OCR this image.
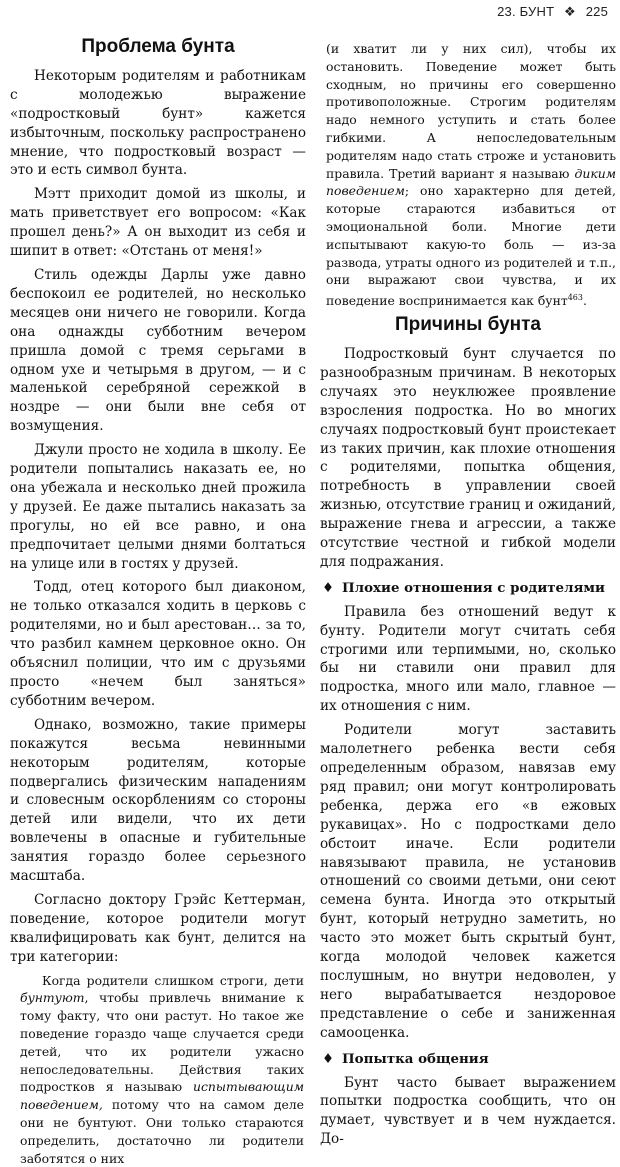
23. БУНТ ❖ 225
Проблема бунта

Некоторым родителям и работникам с молодежью выражение «подростковый бунт» кажется избыточным, поскольку распространено мнение, что подростковый возраст — это и есть символ бунта.

Мэтт приходит домой из школы, и мать приветствует его вопросом: «Как прошел день?» А он выходит из себя и шипит в ответ: «Отстань от меня!»

Стиль одежды Дарлы уже давно беспокоил ее родителей, но несколько месяцев они ничего не говорили. Когда она однажды субботним вечером пришла домой с тремя серьгами в одном ухе и четырьмя в другом, — и с маленькой серебряной сережкой в ноздре — они были вне себя от возмущения.

Джули просто не ходила в школу. Ее родители попытались наказать ее, но она убежала и несколько дней прожила у друзей. Ее даже пытались наказать за прогулы, но ей все равно, и она предпочитает целыми днями болтаться на улице или в гостях у друзей.

Тодд, отец которого был диаконом, не только отказался ходить в церковь с родителями, но и был арестован… за то, что разбил камнем церковное окно. Он объяснил полиции, что им с друзьями просто «нечем был заняться» субботним вечером.

Однако, возможно, такие примеры покажутся весьма невинными некоторым родителям, которые подвергались физическим нападениям и словесным оскорблениям со стороны детей или видели, что их дети вовлечены в опасные и губительные занятия гораздо более серьезного масштаба.

Согласно доктору Грэйс Кеттерман, поведение, которое родители могут квалифицировать как бунт, делится на три категории:

Когда родители слишком строги, дети бунтуют, чтобы привлечь внимание к тому факту, что они растут. Но такое же поведение гораздо чаще случается среди детей, что их родители ужасно непоследовательны. Действия таких подростков я называю испытывающим поведением, потому что на самом деле они не бунтуют. Они только стараются определить, достаточно ли родители заботятся о них

(и хватит ли у них сил), чтобы их остановить. Поведение может быть сходным, но причины его совершенно противоположные. Строгим родителям надо немного уступить и стать более гибкими. А непоследовательным родителям надо стать строже и установить правила. Третий вариант я называю диким поведением; оно характерно для детей, которые стараются избавиться от эмоциональной боли. Многие дети испытывают какую-то боль — из-за развода, утраты одного из родителей и т.п., они выражают свои чувства, и их поведение воспринимается как бунт$^{463}$.

Причины бунта

Подростковый бунт случается по разнообразным причинам. В некоторых случаях это неуклюжее проявление взросления подростка. Но во многих случаях подростковый бунт проистекает из таких причин, как плохие отношения с родителями, попытка общения, потребность в управлении своей жизнью, отсутствие границ и ожиданий, выражение гнева и агрессии, а также отсутствие честной и гибкой модели для подражания.

♦ Плохие отношения с родителями

Правила без отношений ведут к бунту. Родители могут считать себя строгими или терпимыми, но, сколько бы ни ставили они правил для подростка, много или мало, главное — их отношения с ним.

Родители могут заставить малолетнего ребенка вести себя определенным образом, навязав ему ряд правил; они могут контролировать ребенка, держа его «в ежовых рукавицах». Но с подростками дело обстоит иначе. Если родители навязывают правила, не установив отношений со своими детьми, они сеют семена бунта. Иногда это открытый бунт, который нетрудно заметить, но часто это может быть скрытый бунт, когда молодой человек кажется послушным, но внутри недоволен, у него вырабатывается нездоровое представление о себе и заниженная самооценка.

♦ Попытка общения

Бунт часто бывает выражением попытки подростка сообщить, что он думает, чувствует и в чем нуждается. До-
